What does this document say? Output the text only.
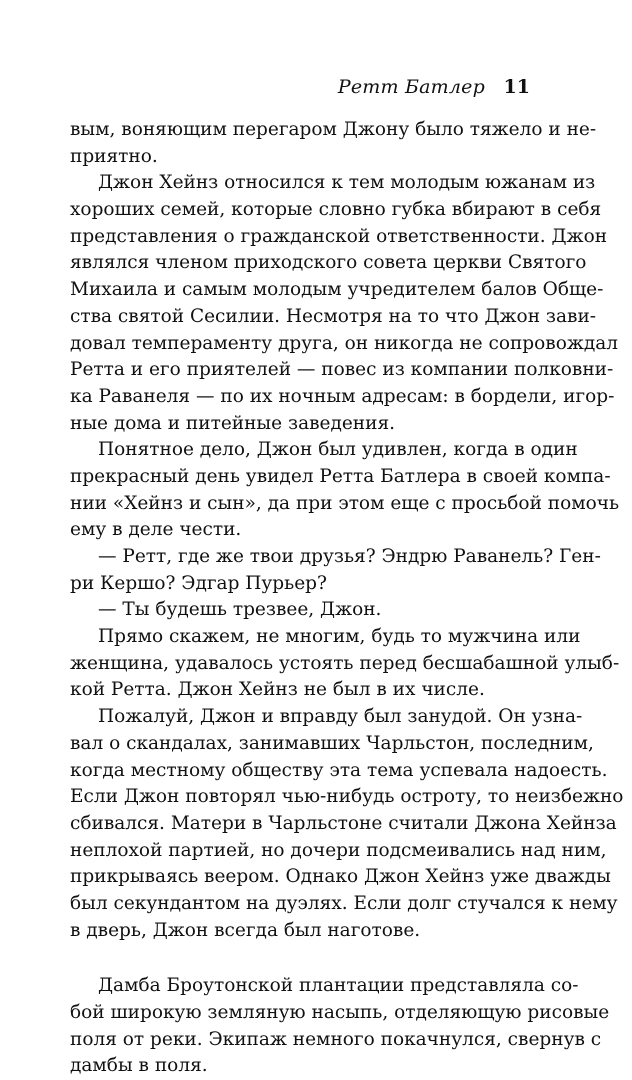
Ретт Батлер 11
вым, воняющим перегаром Джону было тяжело и не-
приятно.
Джон Хейнз относился к тем молодым южанам из
хороших семей, которые словно губка вбирают в себя
представления о гражданской ответственности. Джон
являлся членом приходского совета церкви Святого
Михаила и самым молодым учредителем балов Обще-
ства святой Сесилии. Несмотря на то что Джон зави-
довал темпераменту друга, он никогда не сопровождал
Ретта и его приятелей — повес из компании полковни-
ка Раванеля — по их ночным адресам: в бордели, игор-
ные дома и питейные заведения.
Понятное дело, Джон был удивлен, когда в один
прекрасный день увидел Ретта Батлера в своей компа-
нии «Хейнз и сын», да при этом еще с просьбой помочь
ему в деле чести.
— Ретт, где же твои друзья? Эндрю Раванель? Ген-
ри Кершо? Эдгар Пурьер?
— Ты будешь трезвее, Джон.
Прямо скажем, не многим, будь то мужчина или
женщина, удавалось устоять перед бесшабашной улыб-
кой Ретта. Джон Хейнз не был в их числе.
Пожалуй, Джон и вправду был занудой. Он узна-
вал о скандалах, занимавших Чарльстон, последним,
когда местному обществу эта тема успевала надоесть.
Если Джон повторял чью-нибудь остроту, то неизбежно
сбивался. Матери в Чарльстоне считали Джона Хейнза
неплохой партией, но дочери подсмеивались над ним,
прикрываясь веером. Однако Джон Хейнз уже дважды
был секундантом на дуэлях. Если долг стучался к нему
в дверь, Джон всегда был наготове.
Дамба Броутонской плантации представляла со-
бой широкую земляную насыпь, отделяющую рисовые
поля от реки. Экипаж немного покачнулся, свернув с
дамбы в поля.
